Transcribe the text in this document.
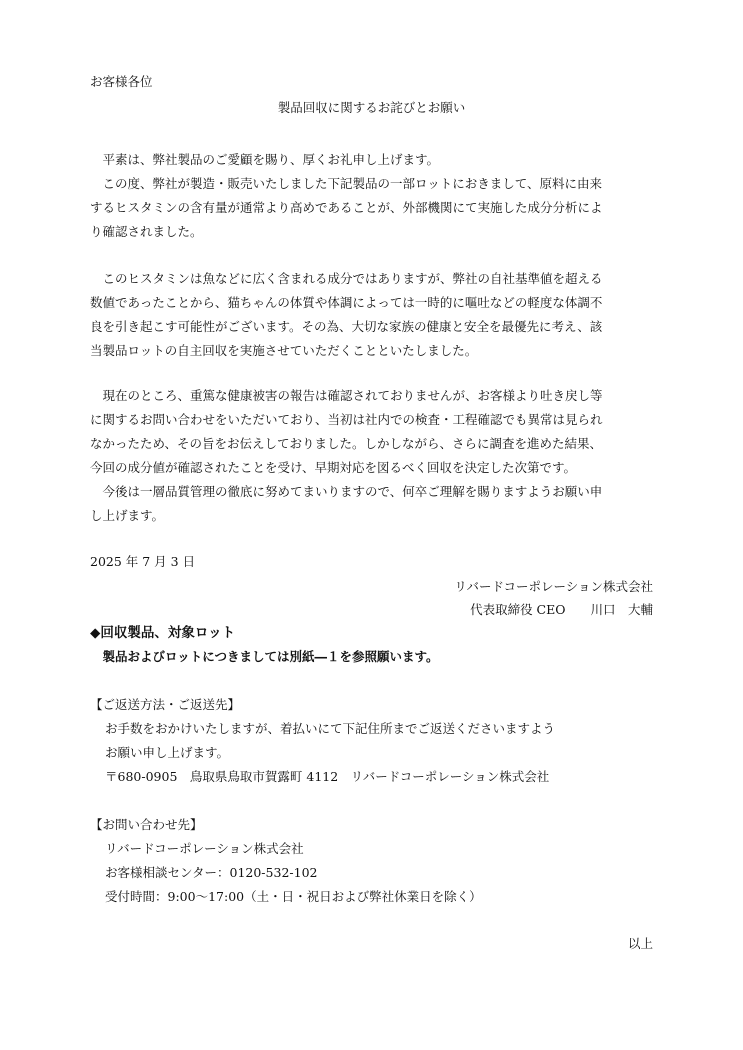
お客様各位
製品回収に関するお詫びとお願い
　平素は、弊社製品のご愛顧を賜り、厚くお礼申し上げます。
　この度、弊社が製造・販売いたしました下記製品の一部ロットにおきまして、原料に由来
するヒスタミンの含有量が通常より高めであることが、外部機関にて実施した成分分析によ
り確認されました。
　このヒスタミンは魚などに広く含まれる成分ではありますが、弊社の自社基準値を超える
数値であったことから、猫ちゃんの体質や体調によっては一時的に嘔吐などの軽度な体調不
良を引き起こす可能性がございます。その為、大切な家族の健康と安全を最優先に考え、該
当製品ロットの自主回収を実施させていただくことといたしました。
　現在のところ、重篤な健康被害の報告は確認されておりませんが、お客様より吐き戻し等
に関するお問い合わせをいただいており、当初は社内での検査・工程確認でも異常は見られ
なかったため、その旨をお伝えしておりました。しかしながら、さらに調査を進めた結果、
今回の成分値が確認されたことを受け、早期対応を図るべく回収を決定した次第です。
　今後は一層品質管理の徹底に努めてまいりますので、何卒ご理解を賜りますようお願い申
し上げます。
2025 年 7 月 3 日
リバードコーポレーション株式会社
代表取締役 CEO　　川口　大輔
◆回収製品、対象ロット
　製品およびロットにつきましては別紙―１を参照願います。
【ご返送方法・ご返送先】
お手数をおかけいたしますが、着払いにて下記住所までご返送くださいますよう
お願い申し上げます。
〒680-0905　鳥取県鳥取市賀露町 4112　リバードコーポレーション株式会社
【お問い合わせ先】
リバードコーポレーション株式会社
お客様相談センター：0120-532-102
受付時間：9:00〜17:00（土・日・祝日および弊社休業日を除く）
以上
